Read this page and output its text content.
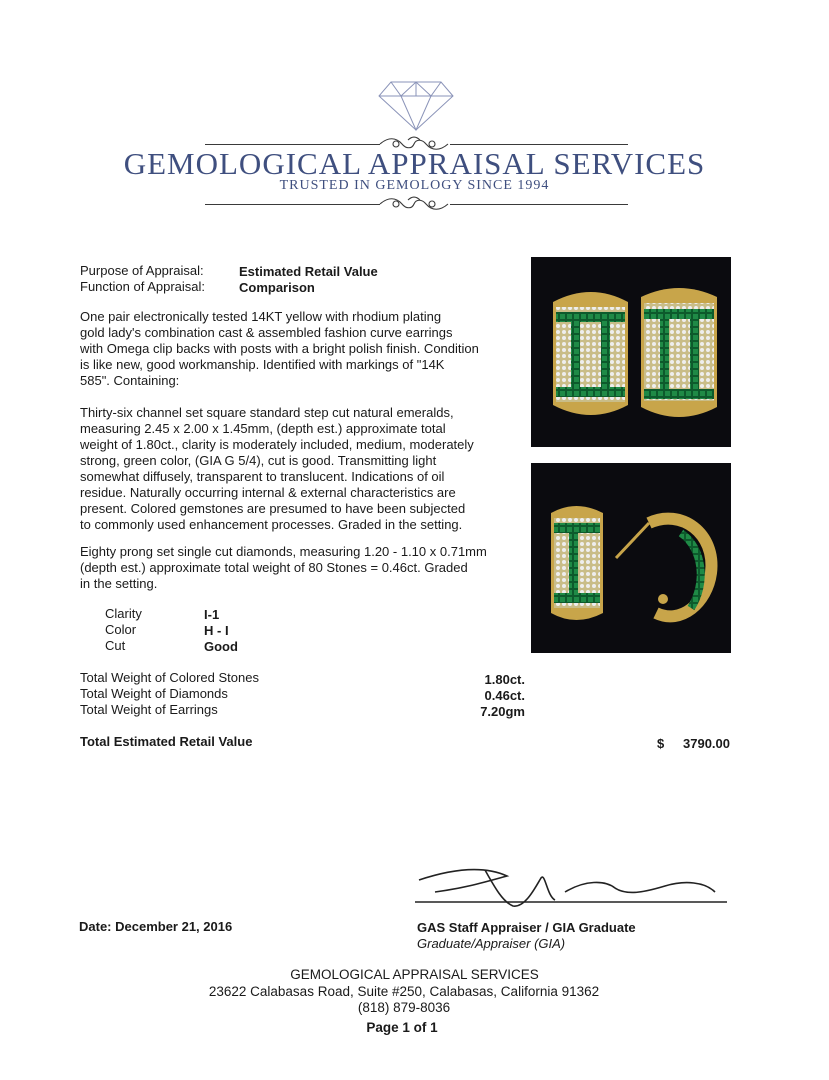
GEMOLOGICAL APPRAISAL SERVICES
TRUSTED IN GEMOLOGY SINCE 1994
Purpose of Appraisal:	Estimated Retail Value
Function of Appraisal:	Comparison
One pair electronically tested 14KT yellow with rhodium plating
gold lady's combination cast & assembled fashion curve earrings
with Omega clip backs with posts with a bright polish finish. Condition
is like new, good workmanship. Identified with markings of "14K
585". Containing:
Thirty-six channel set square standard step cut natural emeralds,
measuring 2.45 x 2.00 x 1.45mm, (depth est.) approximate total
weight of 1.80ct., clarity is moderately included, medium, moderately
strong, green color, (GIA G 5/4), cut is good. Transmitting light
somewhat diffusely, transparent to translucent. Indications of oil
residue. Naturally occurring internal & external characteristics are
present. Colored gemstones are presumed to have been subjected
to commonly used enhancement processes. Graded in the setting.
Eighty prong set single cut diamonds, measuring 1.20 - 1.10 x 0.71mm
(depth est.) approximate total weight of 80 Stones = 0.46ct. Graded
in the setting.
Clarity	I-1
Color	H - I
Cut	Good
Total Weight of Colored Stones	1.80ct.
Total Weight of Diamonds	0.46ct.
Total Weight of Earrings	7.20gm
Total Estimated Retail Value	$	3790.00
GAS Staff Appraiser / GIA Graduate
Graduate/Appraiser (GIA)
Date: December 21, 2016
GEMOLOGICAL APPRAISAL SERVICES
23622 Calabasas Road, Suite #250, Calabasas, California 91362
(818) 879-8036
Page 1 of 1
